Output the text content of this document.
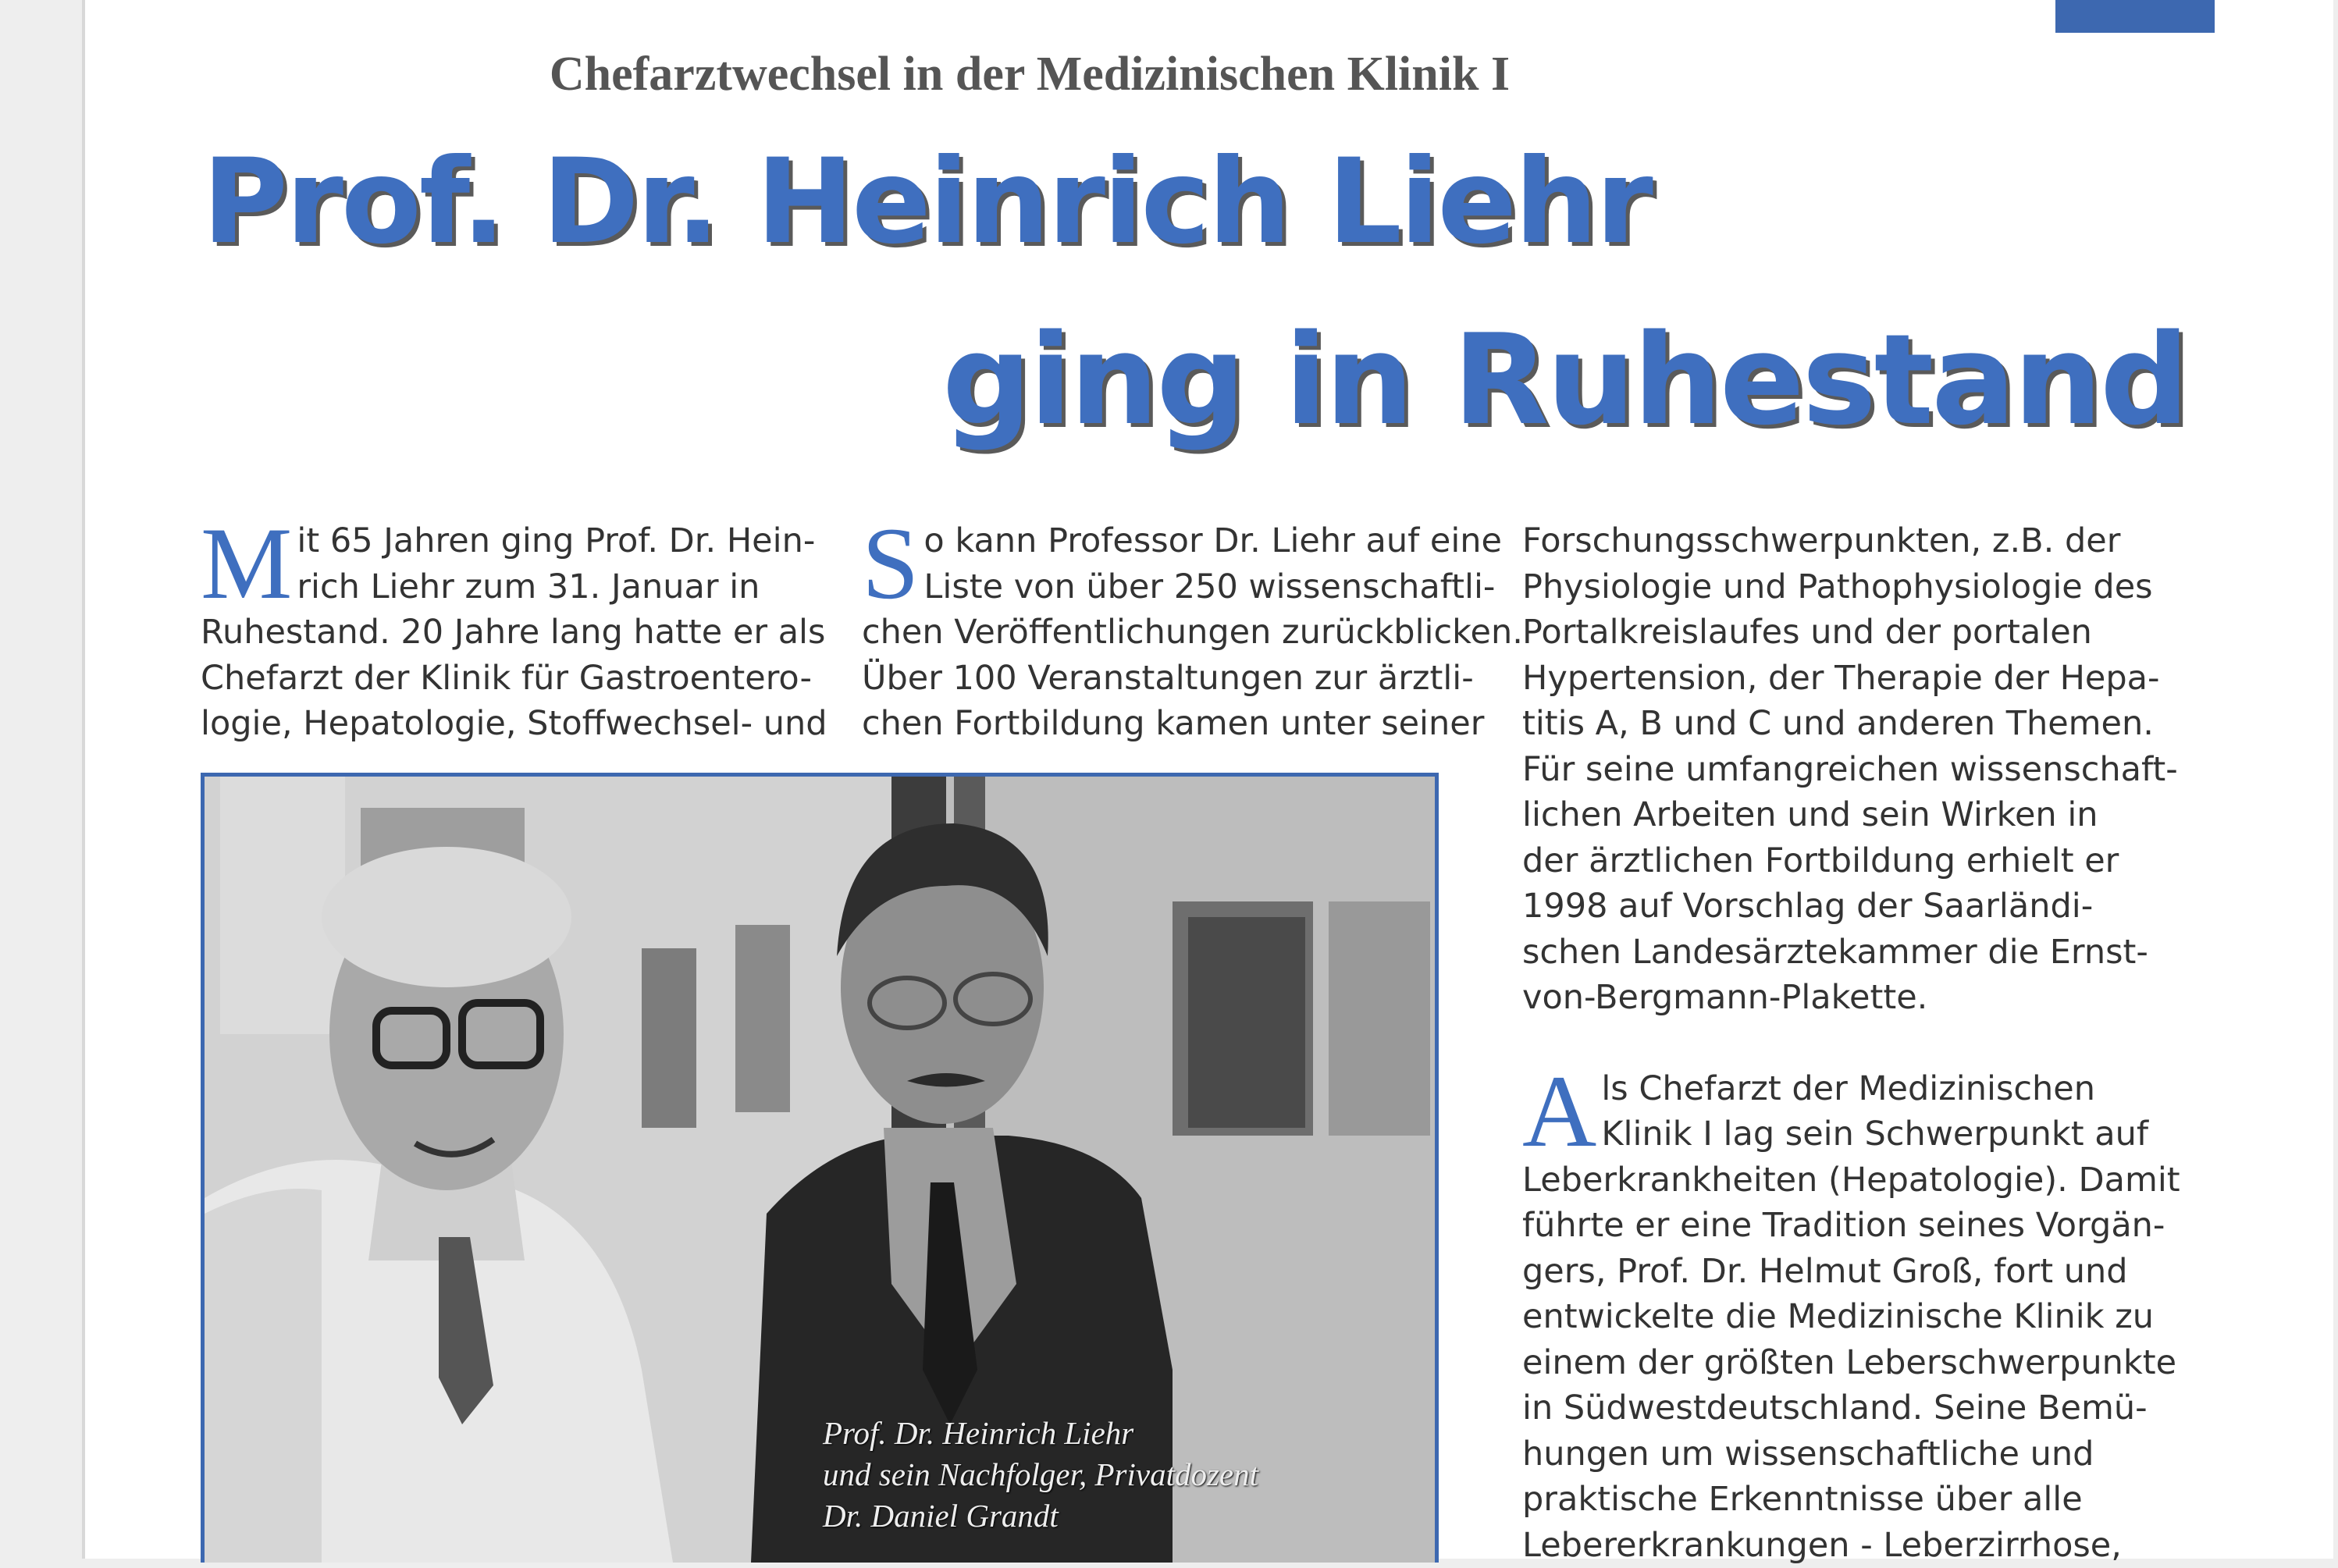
Chefarztwechsel in der Medizinischen Klinik I
Prof. Dr. Heinrich Liehr
ging in Ruhestand
M it 65 Jahren ging Prof. Dr. Hein-
rich Liehr zum 31. Januar in
Ruhestand. 20 Jahre lang hatte er als
Chefarzt der Klinik für Gastroentero-
logie, Hepatologie, Stoffwechsel- und
S o kann Professor Dr. Liehr auf eine
Liste von über 250 wissenschaftli-
chen Veröffentlichungen zurückblicken.
Über 100 Veranstaltungen zur ärztli-
chen Fortbildung kamen unter seiner
Forschungsschwerpunkten, z.B. der
Physiologie und Pathophysiologie des
Portalkreislaufes und der portalen
Hypertension, der Therapie der Hepa-
titis A, B und C und anderen Themen.
Für seine umfangreichen wissenschaft-
lichen Arbeiten und sein Wirken in
der ärztlichen Fortbildung erhielt er
1998 auf Vorschlag der Saarländi-
schen Landesärztekammer die Ernst-
von-Bergmann-Plakette.
A ls Chefarzt der Medizinischen
Klinik I lag sein Schwerpunkt auf
Leberkrankheiten (Hepatologie). Damit
führte er eine Tradition seines Vorgän-
gers, Prof. Dr. Helmut Groß, fort und
entwickelte die Medizinische Klinik zu
einem der größten Leberschwerpunkte
in Südwestdeutschland. Seine Bemü-
hungen um wissenschaftliche und
praktische Erkenntnisse über alle
Lebererkrankungen - Leberzirrhose,
Prof. Dr. Heinrich Liehr
und sein Nachfolger, Privatdozent
Dr. Daniel Grandt
